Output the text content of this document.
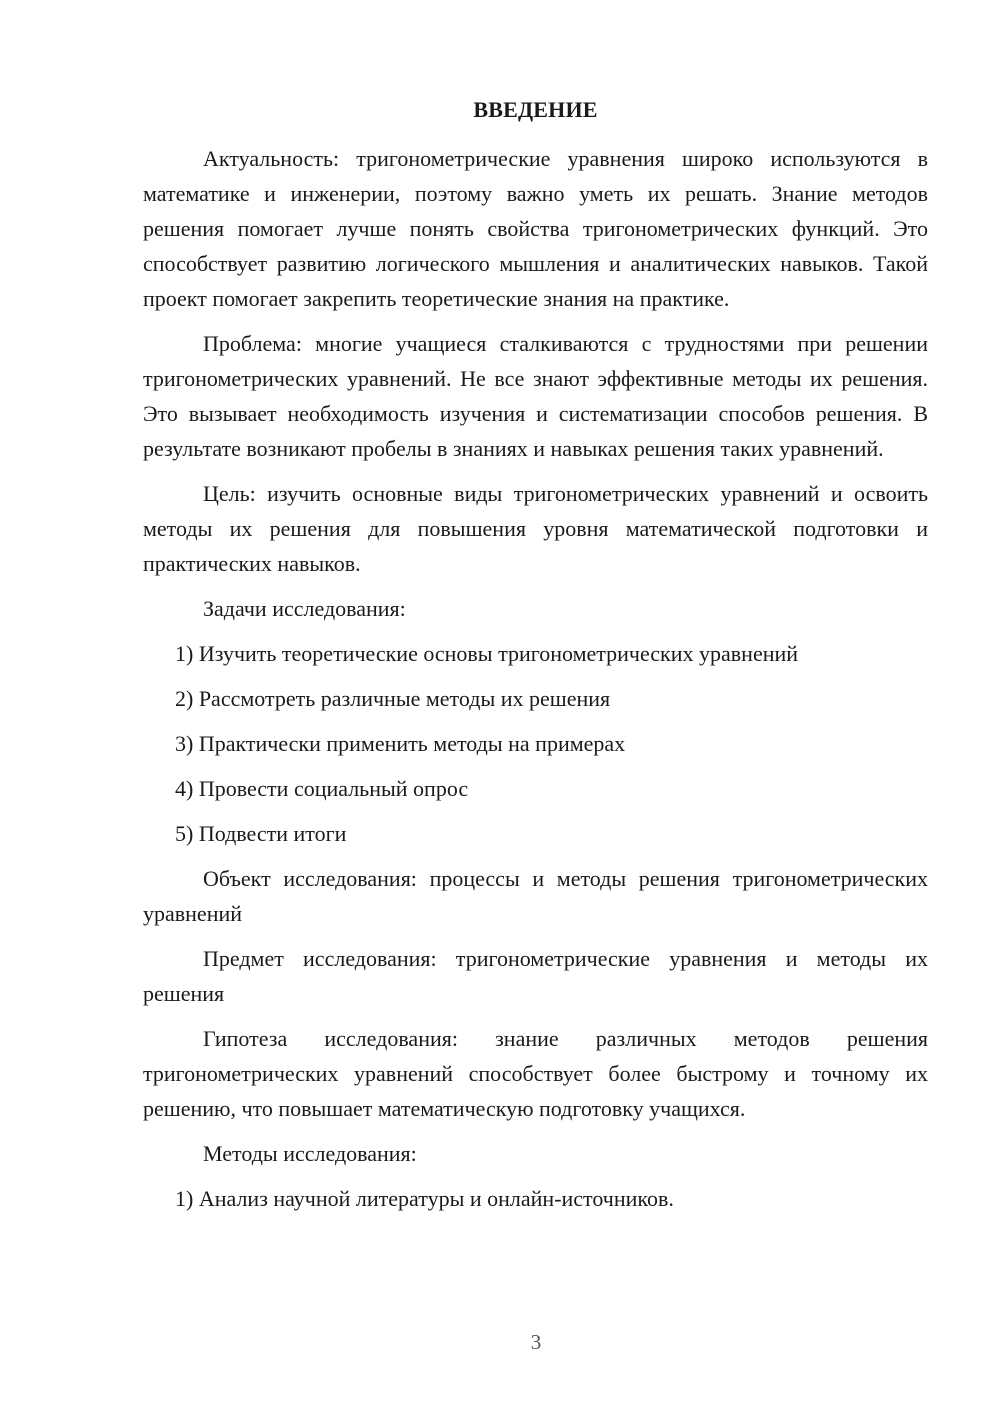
ВВЕДЕНИЕ

Актуальность: тригонометрические уравнения широко используются в математике и инженерии, поэтому важно уметь их решать. Знание методов решения помогает лучше понять свойства тригонометрических функций. Это способствует развитию логического мышления и аналитических навыков. Такой проект помогает закрепить теоретические знания на практике.

Проблема: многие учащиеся сталкиваются с трудностями при решении тригонометрических уравнений. Не все знают эффективные методы их решения. Это вызывает необходимость изучения и систематизации способов решения. В результате возникают пробелы в знаниях и навыках решения таких уравнений.

Цель: изучить основные виды тригонометрических уравнений и освоить методы их решения для повышения уровня математической подготовки и практических навыков.

Задачи исследования:

1) Изучить теоретические основы тригонометрических уравнений

2) Рассмотреть различные методы их решения

3) Практически применить методы на примерах

4) Провести социальный опрос

5) Подвести итоги

Объект исследования: процессы и методы решения тригонометрических уравнений

Предмет исследования: тригонометрические уравнения и методы их решения

Гипотеза исследования: знание различных методов решения тригонометрических уравнений способствует более быстрому и точному их решению, что повышает математическую подготовку учащихся.

Методы исследования:

1) Анализ научной литературы и онлайн-источников.

3
